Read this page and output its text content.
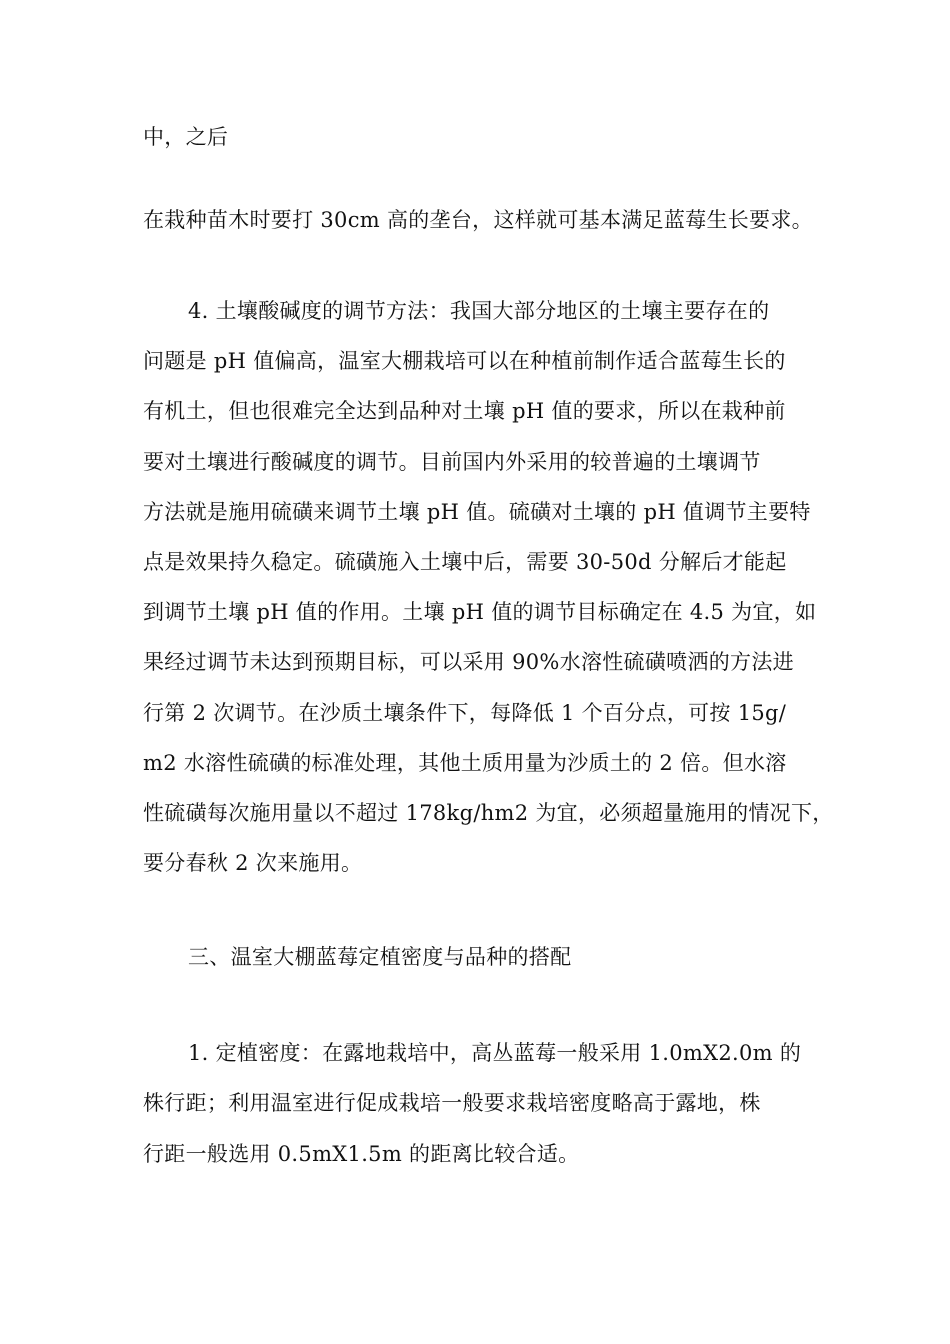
中，之后
在栽种苗木时要打 30cm 高的垄台，这样就可基本满足蓝莓生长要求。
4. 土壤酸碱度的调节方法：我国大部分地区的土壤主要存在的
问题是 pH 值偏高，温室大棚栽培可以在种植前制作适合蓝莓生长的
有机土，但也很难完全达到品种对土壤 pH 值的要求，所以在栽种前
要对土壤进行酸碱度的调节。目前国内外采用的较普遍的土壤调节
方法就是施用硫磺来调节土壤 pH 值。硫磺对土壤的 pH 值调节主要特
点是效果持久稳定。硫磺施入土壤中后，需要 30-50d 分解后才能起
到调节土壤 pH 值的作用。土壤 pH 值的调节目标确定在 4.5 为宜，如
果经过调节未达到预期目标，可以采用 90%水溶性硫磺喷洒的方法进
行第 2 次调节。在沙质土壤条件下，每降低 1 个百分点，可按 15g/
m2 水溶性硫磺的标准处理，其他土质用量为沙质土的 2 倍。但水溶
性硫磺每次施用量以不超过 178kg/hm2 为宜，必须超量施用的情况下，
要分春秋 2 次来施用。
三、温室大棚蓝莓定植密度与品种的搭配
1. 定植密度：在露地栽培中，高丛蓝莓一般采用 1.0mX2.0m 的
株行距；利用温室进行促成栽培一般要求栽培密度略高于露地，株
行距一般选用 0.5mX1.5m 的距离比较合适。
